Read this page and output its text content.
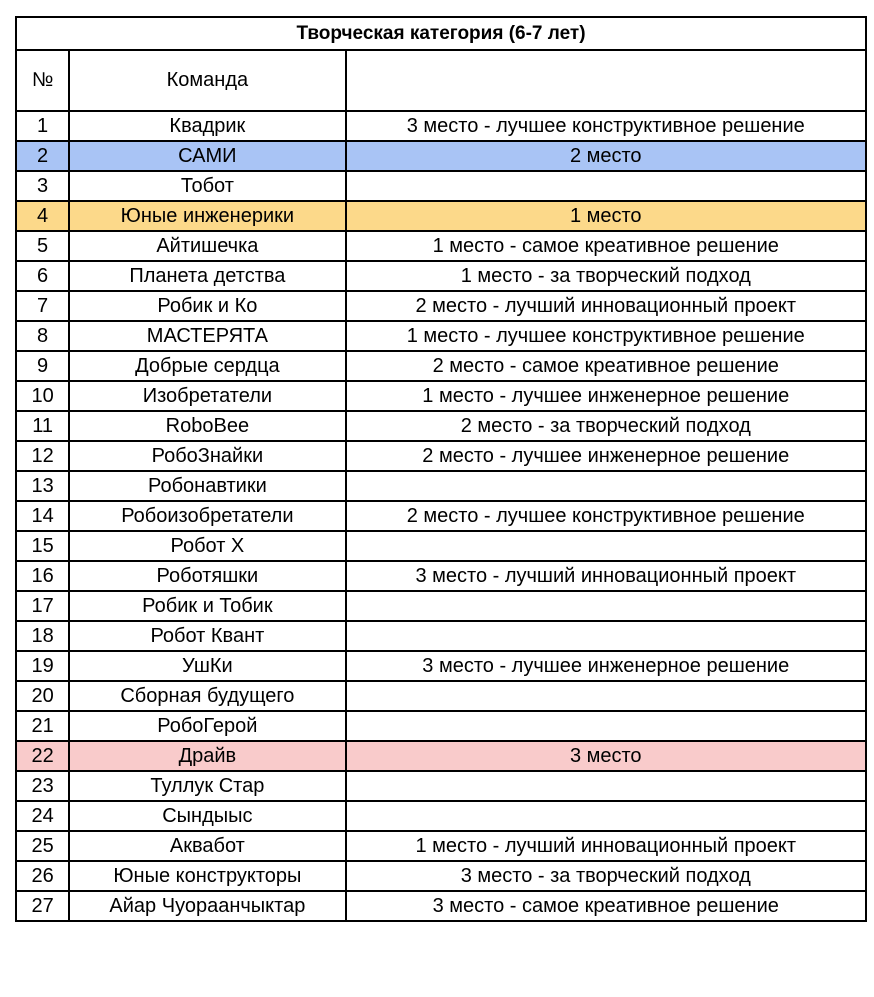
Творческая категория (6-7 лет)		
№	Команда	
1	Квадрик	3 место - лучшее конструктивное решение
2	САМИ	2 место
3	Тобот	
4	Юные инженерики	1 место
5	Айтишечка	1 место - самое креативное решение
6	Планета детства	1 место - за творческий подход
7	Робик и Ко	2 место - лучший инновационный проект
8	МАСТЕРЯТА	1 место - лучшее конструктивное решение
9	Добрые сердца	2 место - самое креативное решение
10	Изобретатели	1 место - лучшее инженерное решение
11	RoboBee	2 место - за творческий подход
12	РобоЗнайки	2 место - лучшее инженерное решение
13	Робонавтики	
14	Робоизобретатели	2 место - лучшее конструктивное решение
15	Робот Х	
16	Роботяшки	3 место - лучший инновационный проект
17	Робик и Тобик	
18	Робот Квант	
19	УшКи	3 место - лучшее инженерное решение
20	Сборная будущего	
21	РобоГерой	
22	Драйв	3 место
23	Туллук Стар	
24	Сындыыс	
25	Аквабот	1 место - лучший инновационный проект
26	Юные конструкторы	3 место - за творческий подход
27	Айар Чуораанчыктар	3 место - самое креативное решение
